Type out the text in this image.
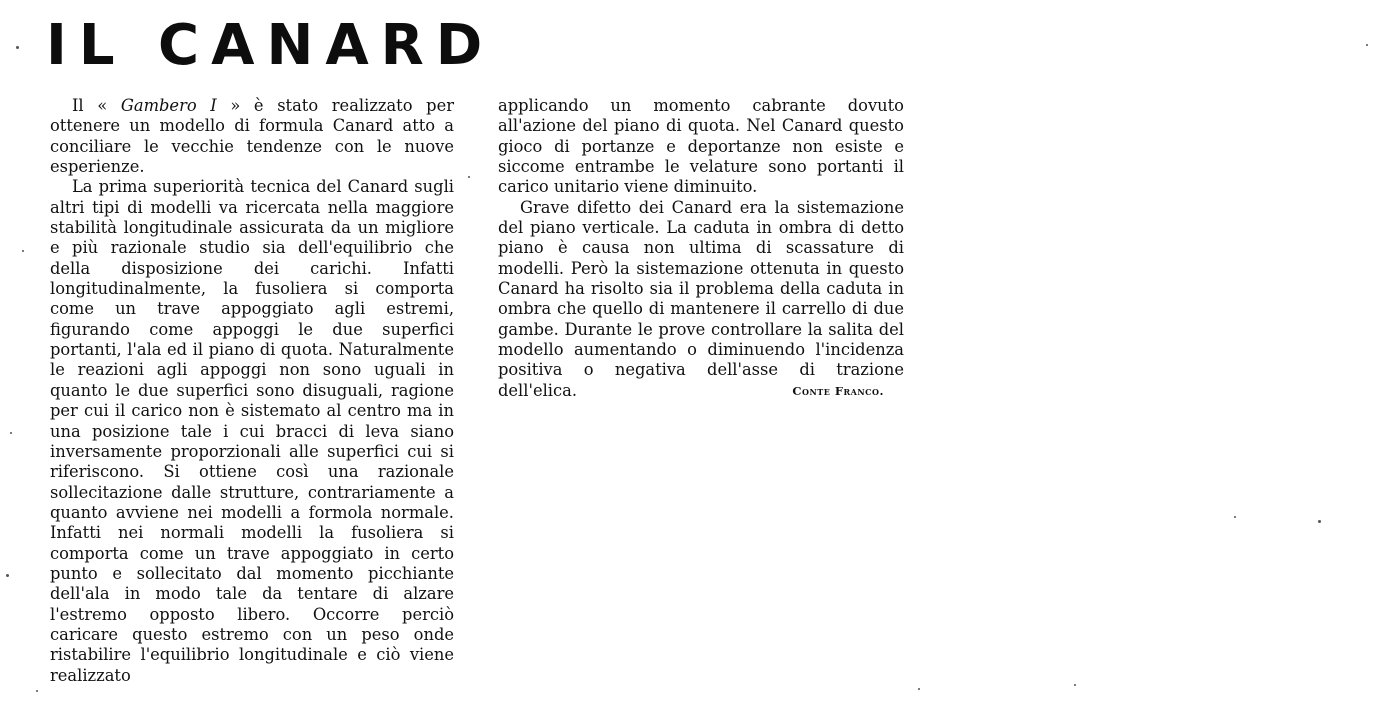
IL CANARD

Il « Gambero I » è stato realizzato per ottenere un modello di formula Canard atto a conciliare le vecchie tendenze con le nuove esperienze.

La prima superiorità tecnica del Canard sugli altri tipi di modelli va ricercata nella maggiore stabilità longitudinale assicurata da un migliore e più razionale studio sia dell'equilibrio che della disposizione dei carichi. Infatti longitudinalmente, la fusoliera si comporta come un trave appoggiato agli estremi, figurando come appoggi le due superfici portanti, l'ala ed il piano di quota. Naturalmente le reazioni agli appoggi non sono uguali in quanto le due superfici sono disuguali, ragione per cui il carico non è sistemato al centro ma in una posizione tale i cui bracci di leva siano inversamente proporzionali alle superfici cui si riferiscono. Si ottiene così una razionale sollecitazione dalle strutture, contrariamente a quanto avviene nei modelli a formola normale. Infatti nei normali modelli la fusoliera si comporta come un trave appoggiato in certo punto e sollecitato dal momento picchiante dell'ala in modo tale da tentare di alzare l'estremo opposto libero. Occorre perciò caricare questo estremo con un peso onde ristabilire l'equilibrio longitudinale e ciò viene realizzato

applicando un momento cabrante dovuto all'azione del piano di quota. Nel Canard questo gioco di portanze e deportanze non esiste e siccome entrambe le velature sono portanti il carico unitario viene diminuito.

Grave difetto dei Canard era la sistemazione del piano verticale. La caduta in ombra di detto piano è causa non ultima di scassature di modelli. Però la sistemazione ottenuta in questo Canard ha risolto sia il problema della caduta in ombra che quello di mantenere il carrello di due gambe. Durante le prove controllare la salita del modello aumentando o diminuendo l'incidenza positiva o negativa dell'asse di trazione dell'elica.	Conte Franco.
